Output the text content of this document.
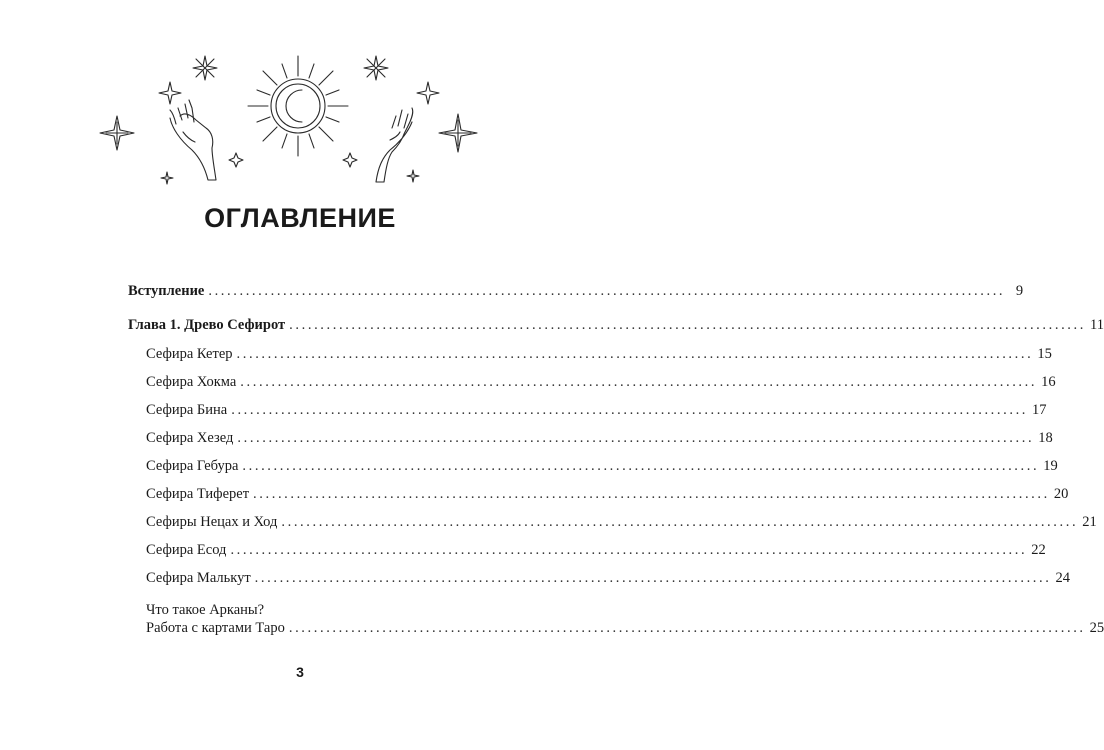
ОГЛАВЛЕНИЕ
Вступление ................................................................................................................................ 9
Глава 1. Древо Сефирот ................................................................................................................................ 11
Сефира Кетер ................................................................................................................................ 15
Сефира Хокма ................................................................................................................................ 16
Сефира Бина ................................................................................................................................ 17
Сефира Хезед ................................................................................................................................ 18
Сефира Гебура ................................................................................................................................ 19
Сефира Тиферет ................................................................................................................................ 20
Сефиры Нецах и Ход ................................................................................................................................ 21
Сефира Есод ................................................................................................................................ 22
Сефира Малькут ................................................................................................................................ 24
Что такое Арканы?
Работа с картами Таро ................................................................................................................................ 25
3
